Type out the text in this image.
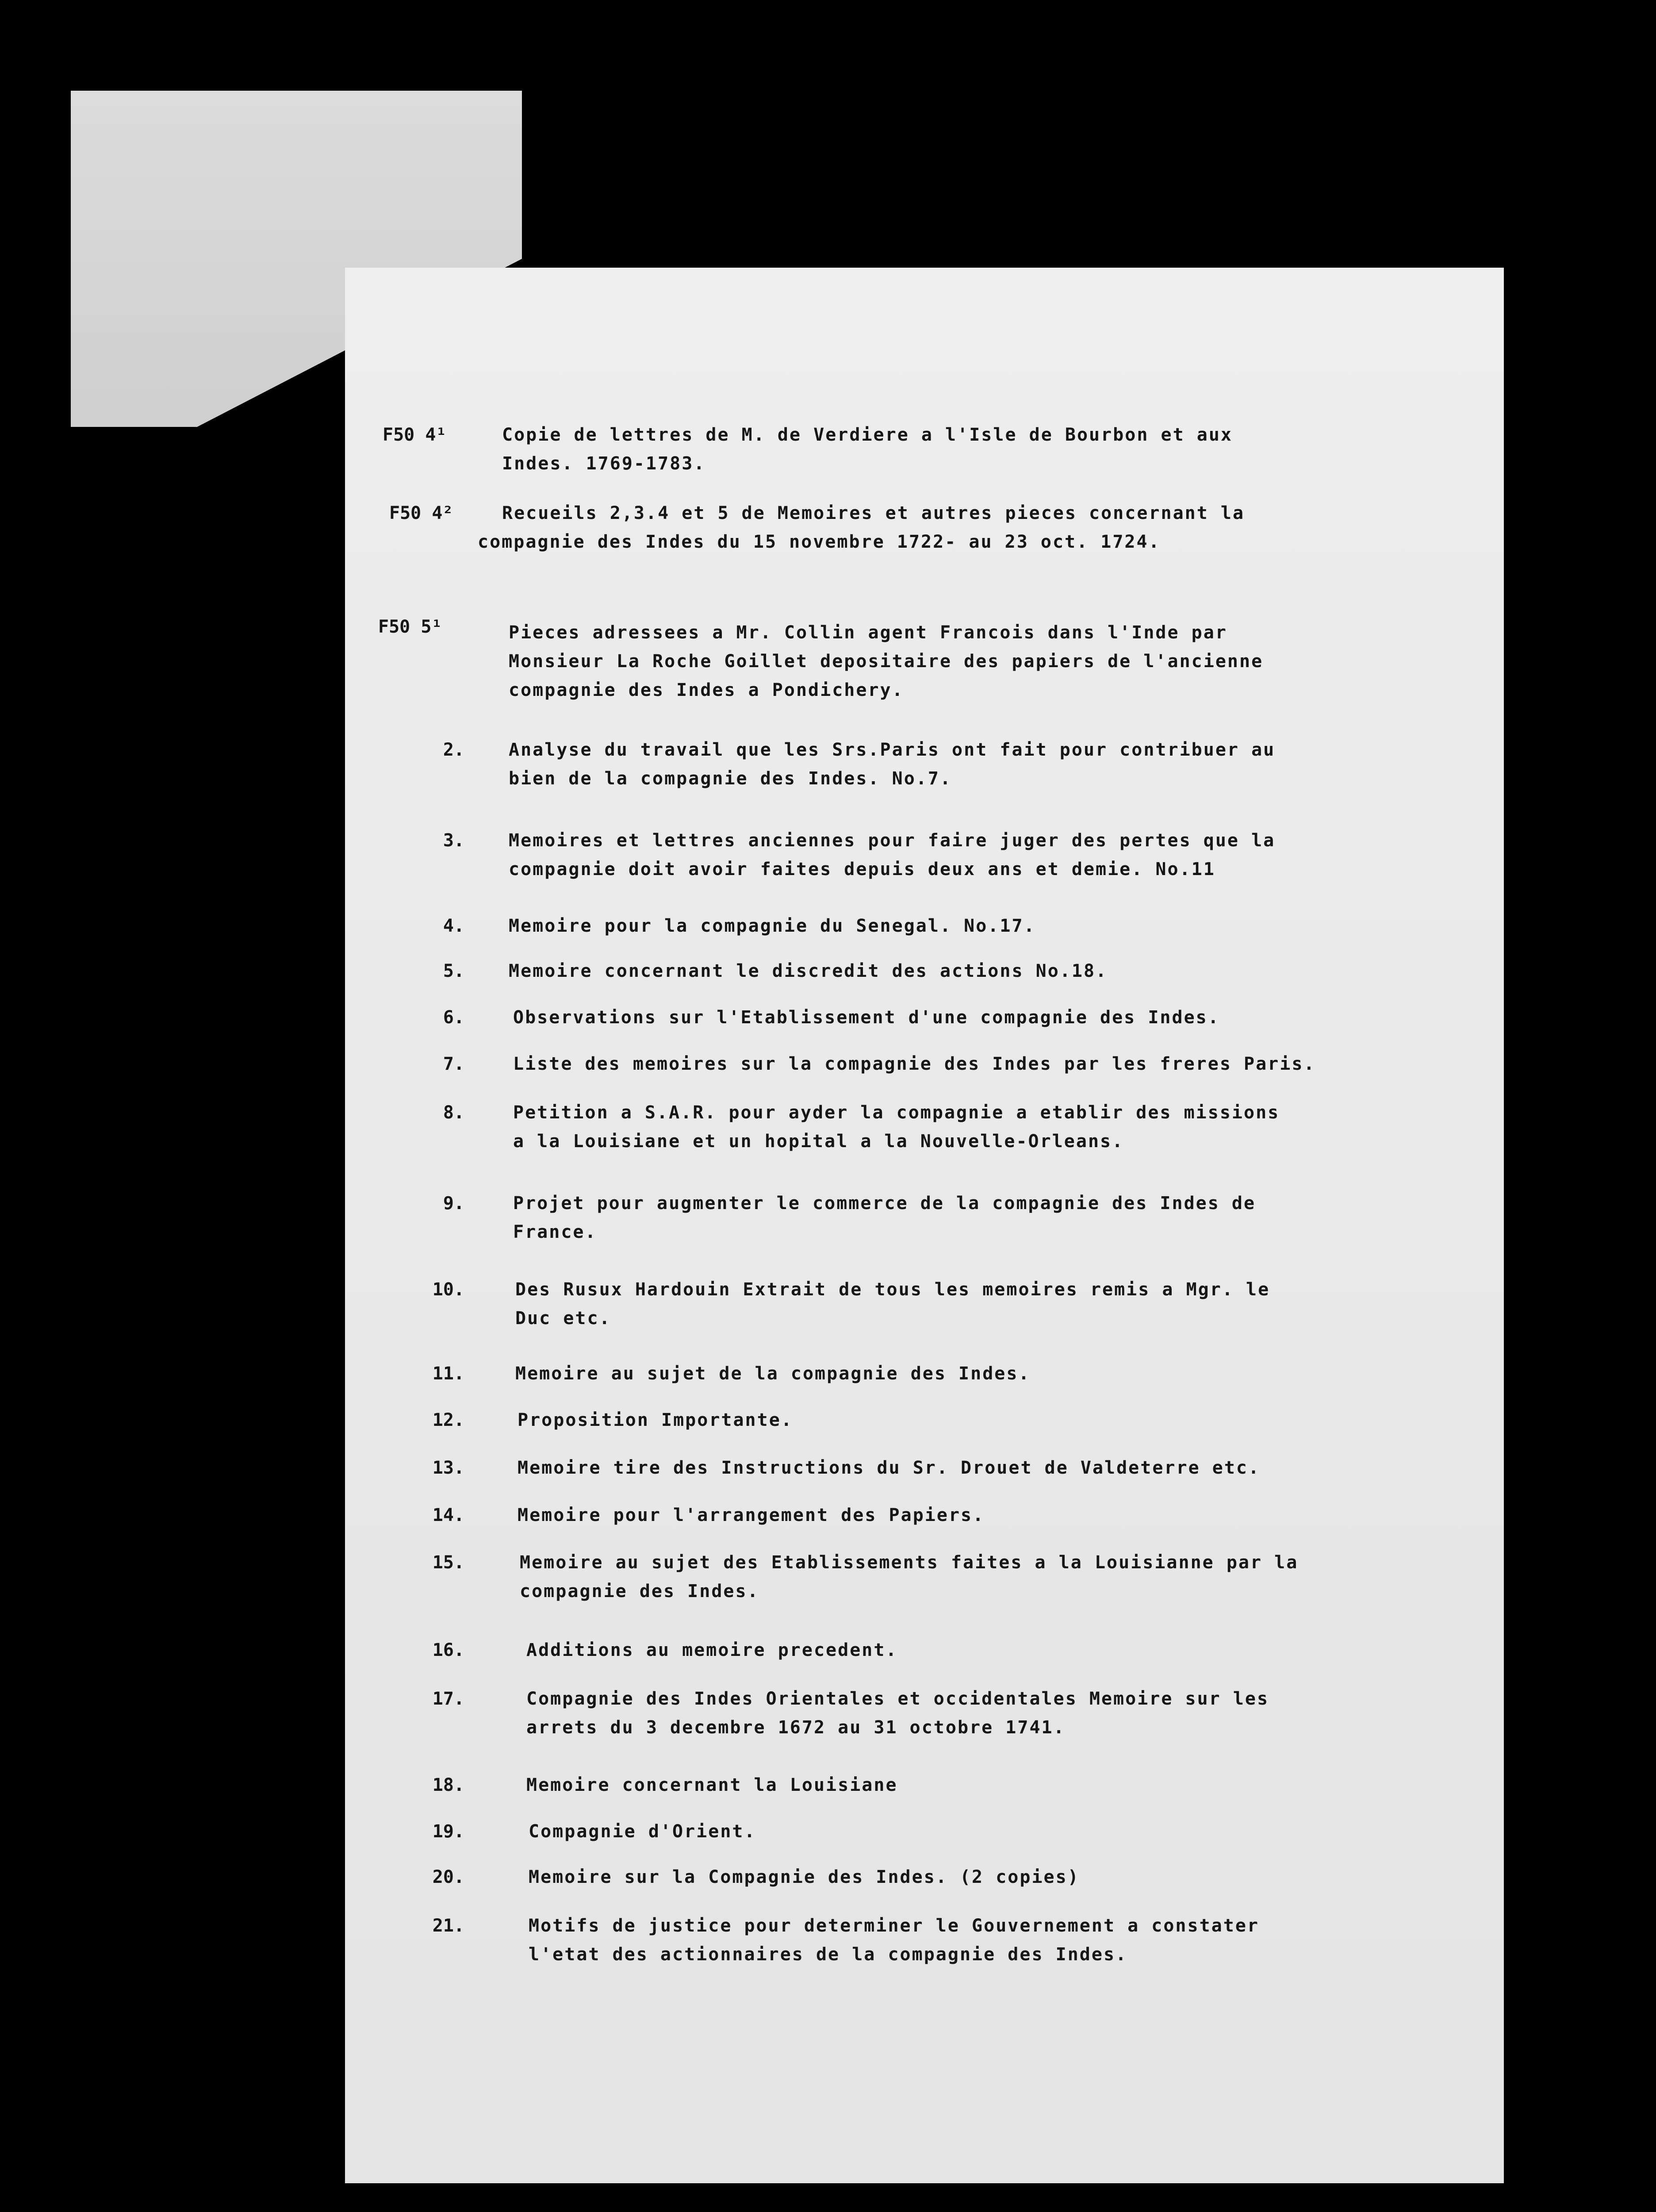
F50 4¹	Copie de lettres de M. de Verdiere a l'Isle de Bourbon et aux
Indes. 1769-1783.
F50 4²	Recueils 2,3.4 et 5 de Memoires et autres pieces concernant la
compagnie des Indes du 15 novembre 1722- au 23 oct. 1724.
F50 5¹	Pieces adressees a Mr. Collin agent Francois dans l'Inde par
Monsieur La Roche Goillet depositaire des papiers de l'ancienne
compagnie des Indes a Pondichery.
2.	Analyse du travail que les Srs.Paris ont fait pour contribuer au
bien de la compagnie des Indes. No.7.
3.	Memoires et lettres anciennes pour faire juger des pertes que la
compagnie doit avoir faites depuis deux ans et demie. No.11
4.	Memoire pour la compagnie du Senegal. No.17.
5.	Memoire concernant le discredit des actions No.18.
6.	Observations sur l'Etablissement d'une compagnie des Indes.
7.	Liste des memoires sur la compagnie des Indes par les freres Paris.
8.	Petition a S.A.R. pour ayder la compagnie a etablir des missions
a la Louisiane et un hopital a la Nouvelle-Orleans.
9.	Projet pour augmenter le commerce de la compagnie des Indes de
France.
10.	Des Rusux Hardouin Extrait de tous les memoires remis a Mgr. le
Duc etc.
11.	Memoire au sujet de la compagnie des Indes.
12.	Proposition Importante.
13.	Memoire tire des Instructions du Sr. Drouet de Valdeterre etc.
14.	Memoire pour l'arrangement des Papiers.
15.	Memoire au sujet des Etablissements faites a la Louisianne par la
compagnie des Indes.
16.	Additions au memoire precedent.
17.	Compagnie des Indes Orientales et occidentales Memoire sur les
arrets du 3 decembre 1672 au 31 octobre 1741.
18.	Memoire concernant la Louisiane
19.	Compagnie d'Orient.
20.	Memoire sur la Compagnie des Indes. (2 copies)
21.	Motifs de justice pour determiner le Gouvernement a constater
l'etat des actionnaires de la compagnie des Indes.
